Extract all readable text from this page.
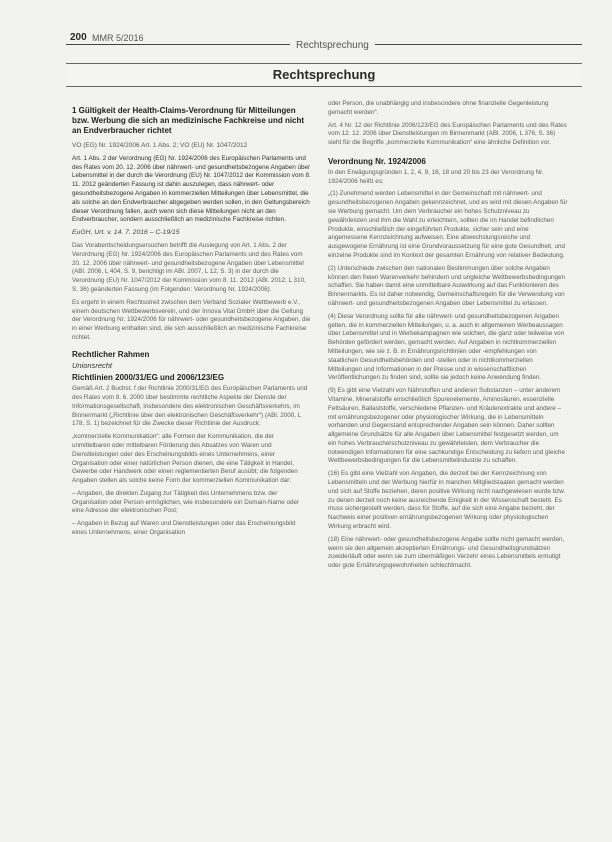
200 MMR 5/2016
Rechtsprechung
Rechtsprechung
1 Gültigkeit der Health-Claims-Verordnung für Mitteilungen bzw. Werbung die sich an medizinische Fachkreise und nicht an Endverbraucher richtet

VO (EG) Nr. 1924/2006 Art. 1 Abs. 2; VO (EU) Nr. 1047/2012

Art. 1 Abs. 2 der Verordnung (EG) Nr. 1924/2006 des Europäischen Parlaments und des Rates vom 20. 12. 2006 über nährwert- und gesundheitsbezogene Angaben über Lebensmittel in der durch die Verordnung (EU) Nr. 1047/2012 der Kommission vom 8. 11. 2012 geänderten Fassung ist dahin auszulegen, dass nährwert- oder gesundheitsbezogene Angaben in kommerziellen Mitteilungen über Lebensmittel, die als solche an den Endverbraucher abgegeben werden sollen, in den Geltungsbereich dieser Verordnung fallen, auch wenn sich diese Mitteilungen nicht an den Endverbraucher, sondern ausschließlich an medizinische Fachkreise richten.

EuGH, Urt. v. 14. 7. 2016 – C-19/15

Das Vorabentscheidungsersuchen betrifft die Auslegung von Art. 1 Abs. 2 der Verordnung (EG) Nr. 1924/2006 des Europäischen Parlaments und des Rates vom 20. 12. 2006 über nährwert- und gesundheitsbezogene Angaben über Lebensmittel (ABl. 2006, L 404, S. 9, berichtigt im ABl. 2007, L 12, S. 3) in der durch die Verordnung (EU) Nr. 1047/2012 der Kommission vom 8. 11. 2012 (ABl. 2012, L 310, S. 36) geänderten Fassung (im Folgenden: Verordnung Nr. 1924/2006).

Es ergeht in einem Rechtsstreit zwischen dem Verband Sozialer Wettbewerb e.V., einem deutschen Wettbewerbsverein, und der Innova Vital GmbH über die Geltung der Verordnung Nr. 1924/2006 für nährwert- oder gesundheitsbezogene Angaben, die in einer Werbung enthalten sind, die sich ausschließlich an medizinische Fachkreise richtet.

Rechtlicher Rahmen
Unionsrecht
Richtlinien 2000/31/EG und 2006/123/EG

Gemäß Art. 2 Buchst. f der Richtlinie 2000/31/EG des Europäischen Parlaments und des Rates vom 8. 6. 2000 über bestimmte rechtliche Aspekte der Dienste der Informationsgesellschaft, insbesondere des elektronischen Geschäftsverkehrs, im Binnenmarkt („Richtlinie über den elektronischen Geschäftsverkehr“) (ABl. 2000, L 178, S. 1) bezeichnet für die Zwecke dieser Richtlinie der Ausdruck:

„kommerzielle Kommunikation“: alle Formen der Kommunikation, die der unmittelbaren oder mittelbaren Förderung des Absatzes von Waren und Dienstleistungen oder des Erscheinungsbilds eines Unternehmens, einer Organisation oder einer natürlichen Person dienen, die eine Tätigkeit in Handel, Gewerbe oder Handwerk oder einen reglementierten Beruf ausübt; die folgenden Angaben stellen als solche keine Form der kommerziellen Kommunikation dar:

– Angaben, die direkten Zugang zur Tätigkeit des Unternehmens bzw. der Organisation oder Person ermöglichen, wie insbesondere ein Domain-Name oder eine Adresse der elektronischen Post;

– Angaben in Bezug auf Waren und Dienstleistungen oder das Erscheinungsbild eines Unternehmens, einer Organisation

oder Person, die unabhängig und insbesondere ohne finanzielle Gegenleistung gemacht werden“.

Art. 4 Nr. 12 der Richtlinie 2006/123/EG des Europäischen Parlaments und des Rates vom 12. 12. 2006 über Dienstleistungen im Binnenmarkt (ABl. 2006, L 376, S. 36) sieht für die Begriffe „kommerzielle Kommunikation“ eine ähnliche Definition vor.

Verordnung Nr. 1924/2006

In den Erwägungsgründen 1, 2, 4, 9, 16, 18 und 20 bis 23 der Verordnung Nr. 1924/2006 heißt es:

„(1) Zunehmend werden Lebensmittel in der Gemeinschaft mit nährwert- und gesundheitsbezogenen Angaben gekennzeichnet, und es wird mit diesen Angaben für sie Werbung gemacht. Um dem Verbraucher ein hohes Schutzniveau zu gewährleisten und ihm die Wahl zu erleichtern, sollten die im Handel befindlichen Produkte, einschließlich der eingeführten Produkte, sicher sein und eine angemessene Kennzeichnung aufweisen. Eine abwechslungsreiche und ausgewogene Ernährung ist eine Grundvoraussetzung für eine gute Gesundheit, und einzelne Produkte sind im Kontext der gesamten Ernährung von relativer Bedeutung.

(2) Unterschiede zwischen den nationalen Bestimmungen über solche Angaben können den freien Warenverkehr behindern und ungleiche Wettbewerbsbedingungen schaffen. Sie haben damit eine unmittelbare Auswirkung auf das Funktionieren des Binnenmarkts. Es ist daher notwendig, Gemeinschaftsregeln für die Verwendung von nährwert- und gesundheitsbezogenen Angaben über Lebensmittel zu erlassen.

(4) Diese Verordnung sollte für alle nährwert- und gesundheitsbezogenen Angaben gelten, die in kommerziellen Mitteilungen, u. a. auch in allgemeinen Werbeaussagen über Lebensmittel und in Werbekampagnen wie solchen, die ganz oder teilweise von Behörden gefördert werden, gemacht werden. Auf Angaben in nichtkommerziellen Mitteilungen, wie sie z. B. in Ernährungsrichtlinien oder -empfehlungen von staatlichen Gesundheitsbehörden und -stellen oder in nichtkommerziellen Mitteilungen und Informationen in der Presse und in wissenschaftlichen Veröffentlichungen zu finden sind, sollte sie jedoch keine Anwendung finden.

(9) Es gibt eine Vielzahl von Nährstoffen und anderen Substanzen – unter anderem Vitamine, Mineralstoffe einschließlich Spurenelemente, Aminosäuren, essenzielle Fettsäuren, Ballaststoffe, verschiedene Pflanzen- und Kräuterextrakte und andere – mit ernährungsbezogener oder physiologischer Wirkung, die in Lebensmitteln vorhanden und Gegenstand entsprechender Angaben sein können. Daher sollten allgemeine Grundsätze für alle Angaben über Lebensmittel festgesetzt werden, um ein hohes Verbraucherschutzniveau zu gewährleisten, dem Verbraucher die notwendigen Informationen für eine sachkundige Entscheidung zu liefern und gleiche Wettbewerbsbedingungen für die Lebensmittelindustrie zu schaffen.

(16) Es gibt eine Vielzahl von Angaben, die derzeit bei der Kennzeichnung von Lebensmitteln und der Werbung hierfür in manchen Mitgliedstaaten gemacht werden und sich auf Stoffe beziehen, deren positive Wirkung nicht nachgewiesen wurde bzw. zu denen derzeit noch keine ausreichende Einigkeit in der Wissenschaft besteht. Es muss sichergestellt werden, dass für Stoffe, auf die sich eine Angabe bezieht, der Nachweis einer positiven ernährungsbezogenen Wirkung oder physiologischen Wirkung erbracht wird.

(18) Eine nährwert- oder gesundheitsbezogene Angabe sollte nicht gemacht werden, wenn sie den allgemein akzeptierten Ernährungs- und Gesundheitsgrundsätzen zuwiderläuft oder wenn sie zum übermäßigen Verzehr eines Lebensmittels ermutigt oder gute Ernährungsgewohnheiten schlechtmacht.
